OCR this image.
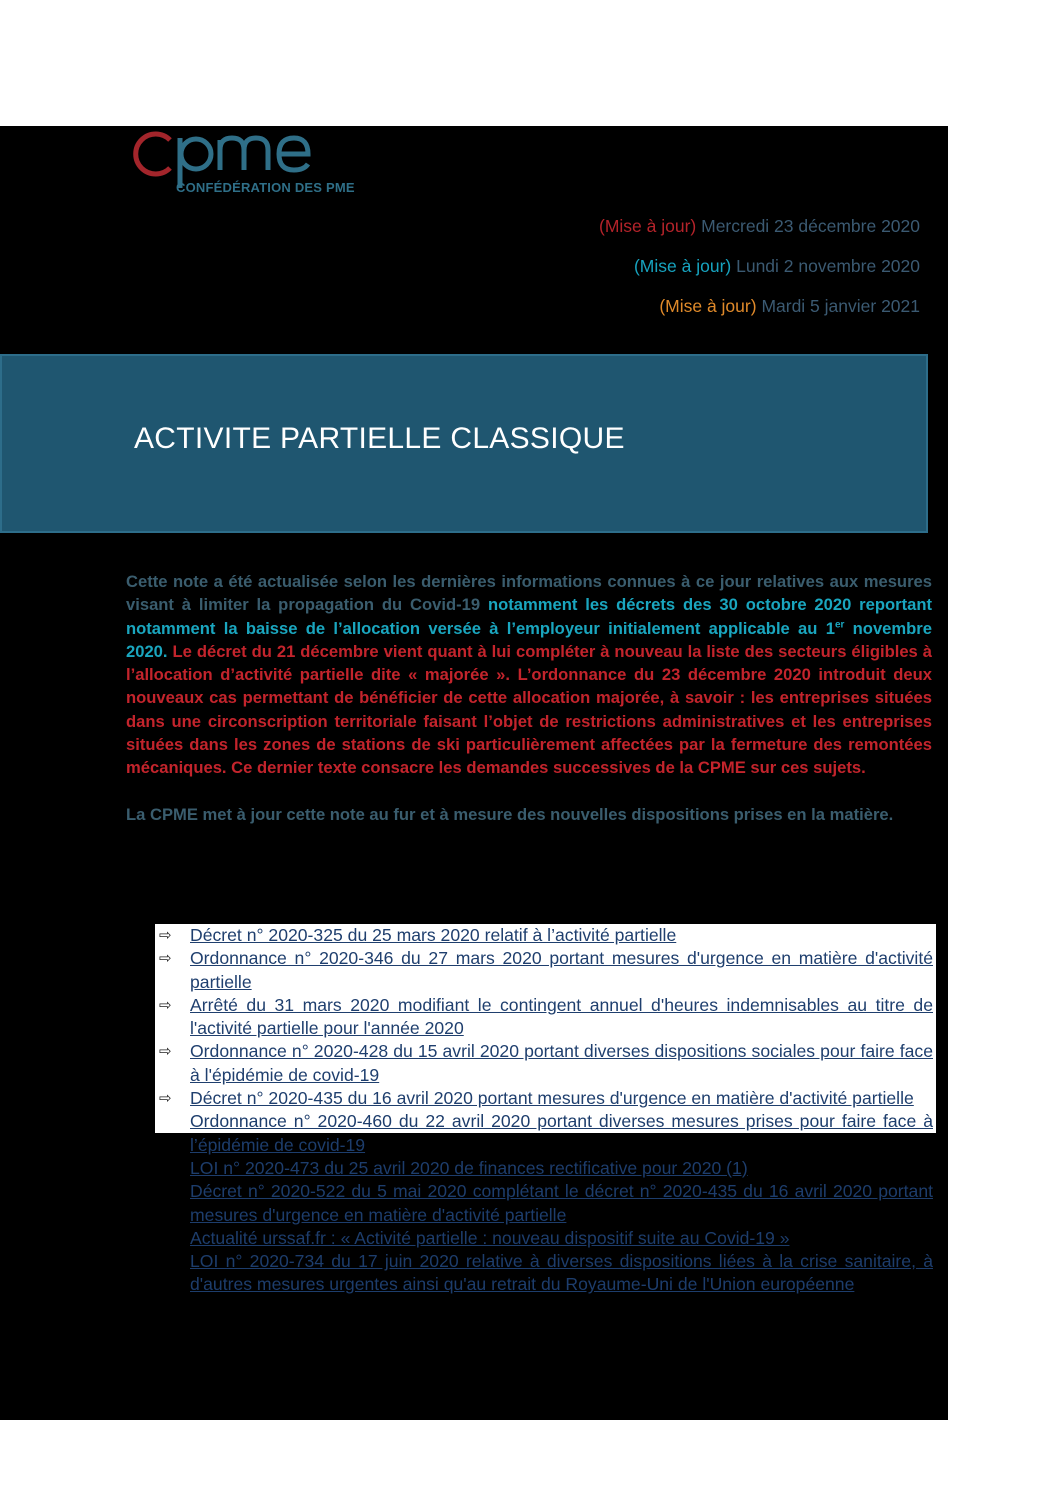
CONFÉDÉRATION DES PME
(Mise à jour) Mercredi 23 décembre 2020
(Mise à jour) Lundi 2 novembre 2020
(Mise à jour) Mardi 5 janvier 2021
ACTIVITE PARTIELLE CLASSIQUE
Cette note a été actualisée selon les dernières informations connues à ce jour relatives aux mesures visant à limiter la propagation du Covid-19 notamment les décrets des 30 octobre 2020 reportant notamment la baisse de l’allocation versée à l’employeur initialement applicable au 1er novembre 2020. Le décret du 21 décembre vient quant à lui compléter à nouveau la liste des secteurs éligibles à l’allocation d’activité partielle dite « majorée ». L’ordonnance du 23 décembre 2020 introduit deux nouveaux cas permettant de bénéficier de cette allocation majorée, à savoir : les entreprises situées dans une circonscription territoriale faisant l’objet de restrictions administratives et les entreprises situées dans les zones de stations de ski particulièrement affectées par la fermeture des remontées mécaniques. Ce dernier texte consacre les demandes successives de la CPME sur ces sujets.
La CPME met à jour cette note au fur et à mesure des nouvelles dispositions prises en la matière.
⇨ Décret n° 2020-325 du 25 mars 2020 relatif à l’activité partielle
⇨ Ordonnance n° 2020-346 du 27 mars 2020 portant mesures d'urgence en matière d'activité partielle
⇨ Arrêté du 31 mars 2020 modifiant le contingent annuel d'heures indemnisables au titre de l'activité partielle pour l'année 2020
⇨ Ordonnance n° 2020-428 du 15 avril 2020 portant diverses dispositions sociales pour faire face à l'épidémie de covid-19
⇨ Décret n° 2020-435 du 16 avril 2020 portant mesures d'urgence en matière d'activité partielle
Ordonnance n° 2020-460 du 22 avril 2020 portant diverses mesures prises pour faire face à l’épidémie de covid-19
LOI n° 2020-473 du 25 avril 2020 de finances rectificative pour 2020 (1)
Décret n° 2020-522 du 5 mai 2020 complétant le décret n° 2020-435 du 16 avril 2020 portant mesures d'urgence en matière d'activité partielle
Actualité urssaf.fr : « Activité partielle : nouveau dispositif suite au Covid-19 »
LOI n° 2020-734 du 17 juin 2020 relative à diverses dispositions liées à la crise sanitaire, à d'autres mesures urgentes ainsi qu'au retrait du Royaume-Uni de l'Union européenne
